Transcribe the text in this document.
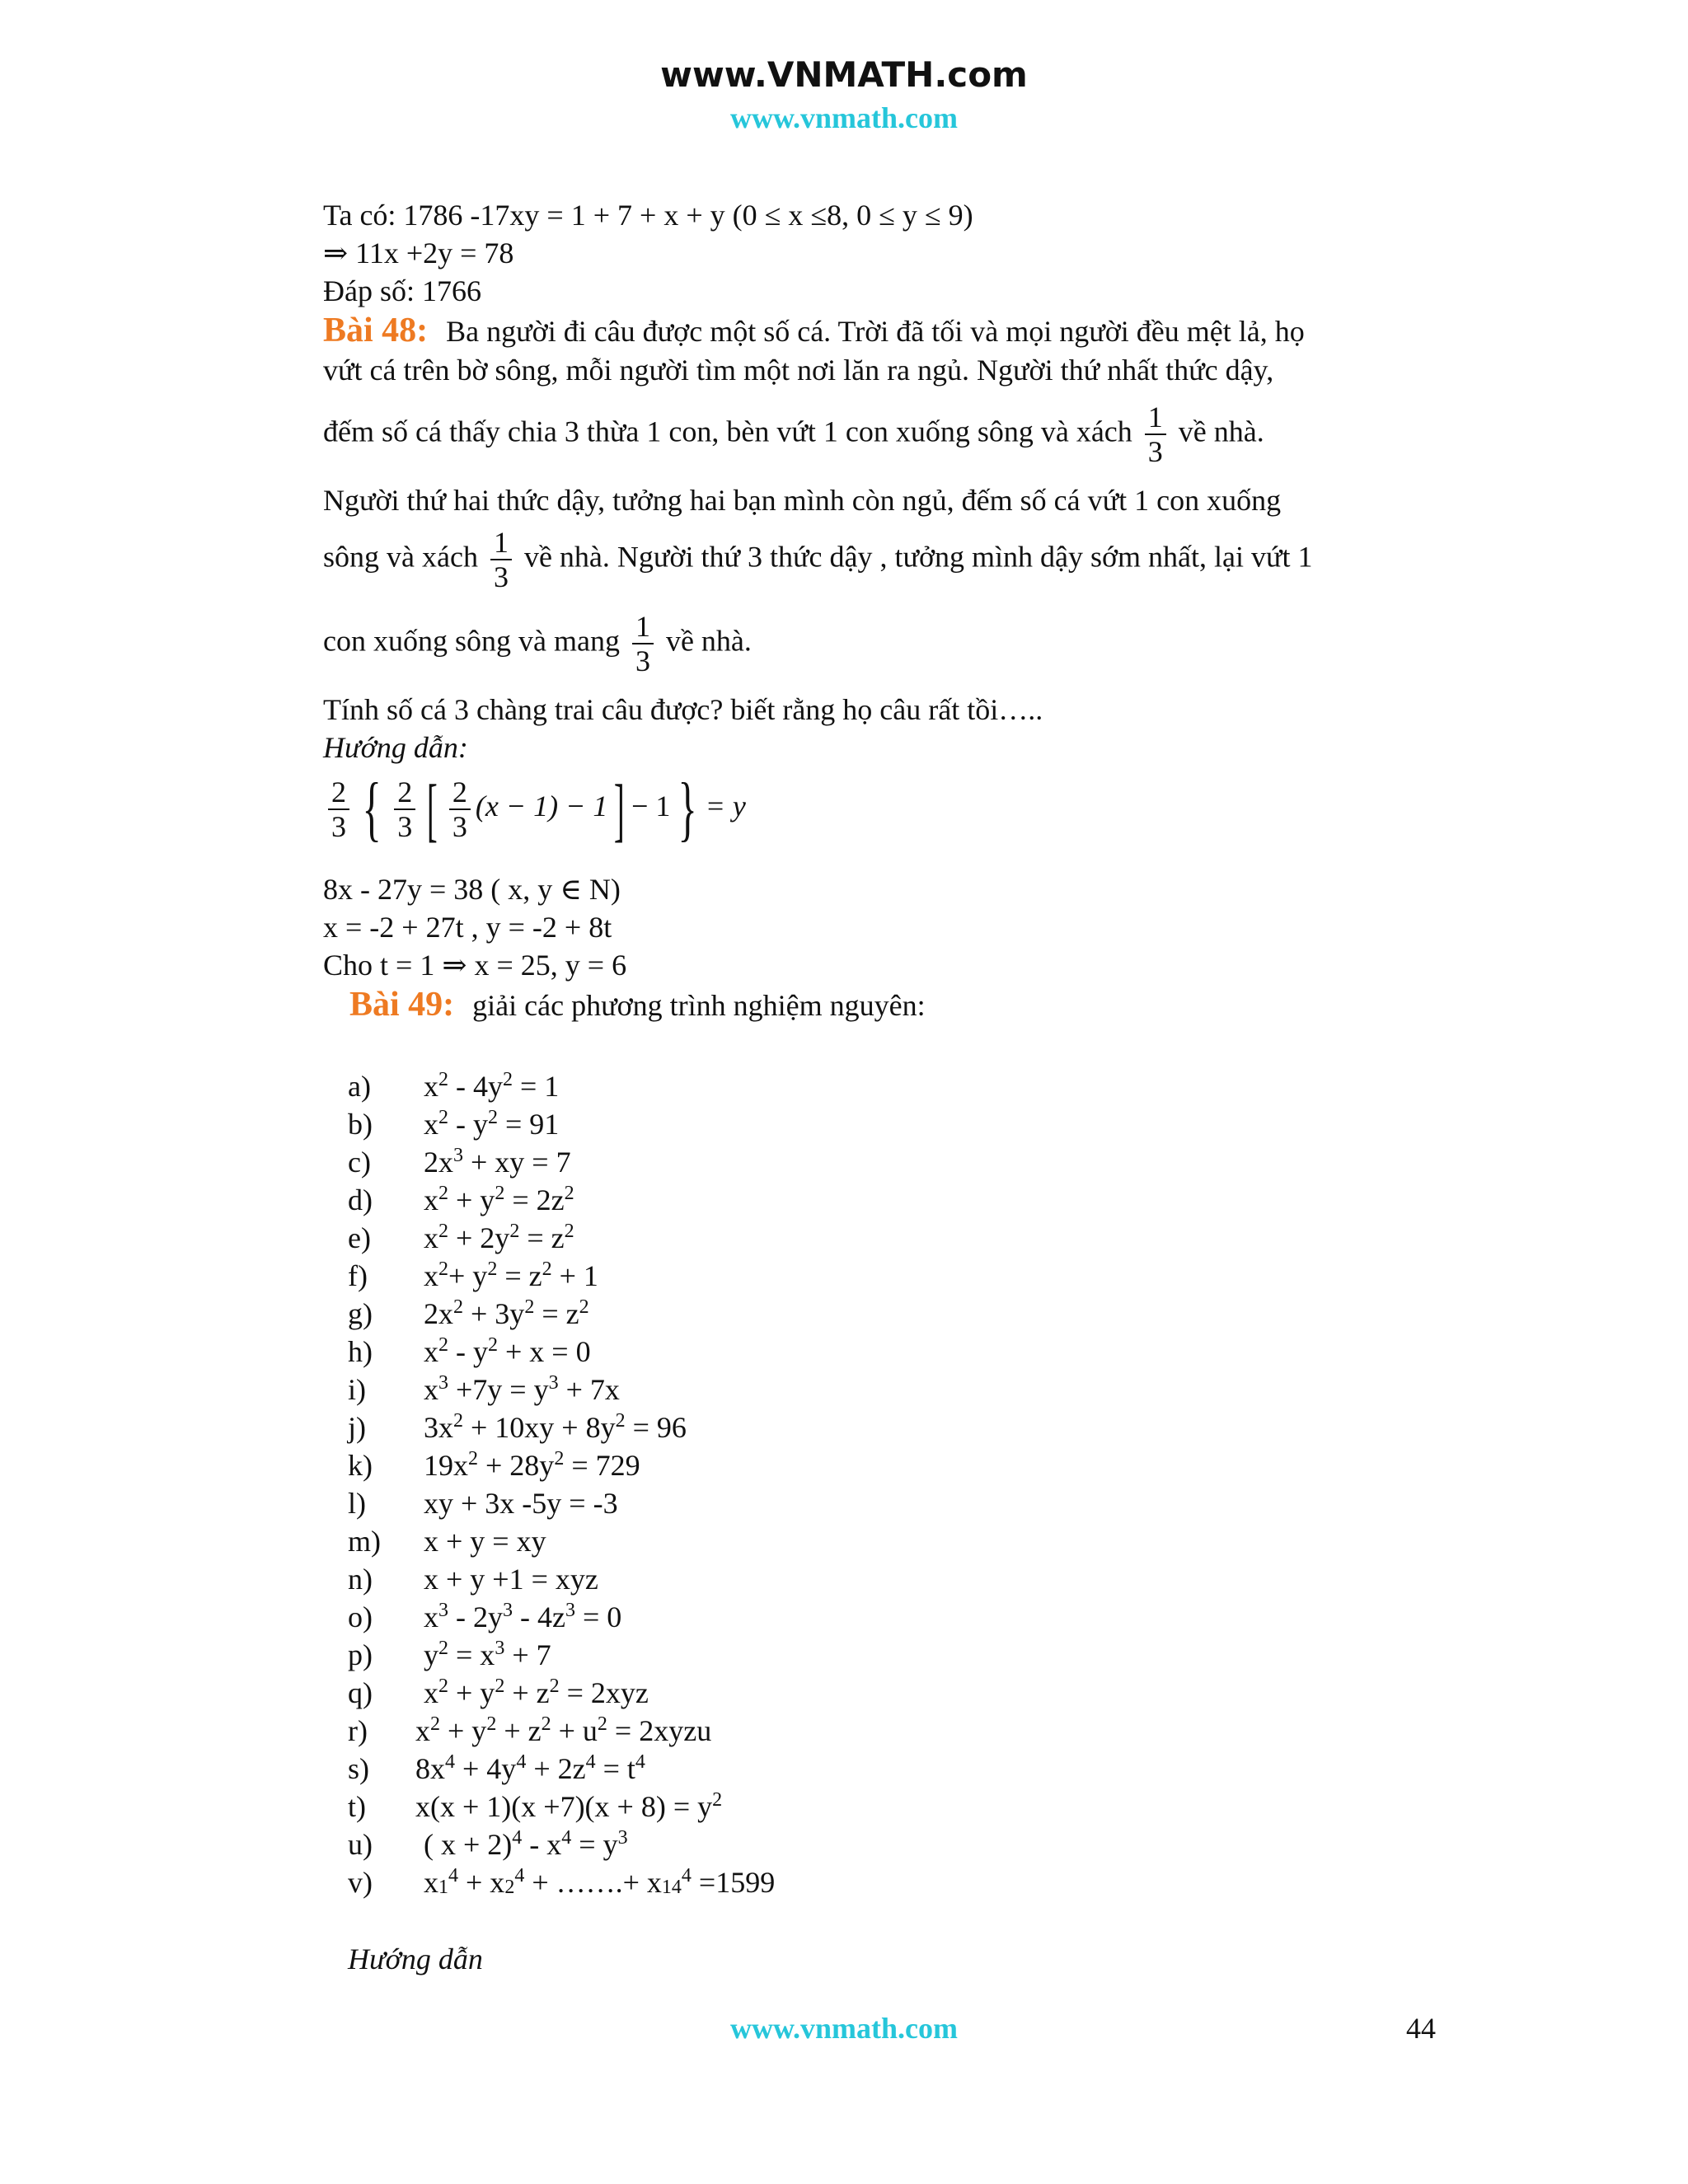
www.VNMATH.com
www.vnmath.com
Ta có: 1786 -17xy = 1 + 7 + x + y (0 ≤ x ≤8, 0 ≤ y ≤ 9)
⇒ 11x +2y = 78
Đáp số: 1766
Bài 48: Ba người đi câu được một số cá. Trời đã tối và mọi người đều mệt lả, họ
vứt cá trên bờ sông, mỗi người tìm một nơi lăn ra ngủ. Người thứ nhất thức dậy,
đếm số cá thấy chia 3 thừa 1 con, bèn vứt 1 con xuống sông và xách $\frac{1}{3}$ về nhà.
Người thứ hai thức dậy, tưởng hai bạn mình còn ngủ, đếm số cá vứt 1 con xuống
sông và xách $\frac{1}{3}$ về nhà. Người thứ 3 thức dậy , tưởng mình dậy sớm nhất, lại vứt 1
con xuống sông và mang $\frac{1}{3}$ về nhà.
Tính số cá 3 chàng trai câu được? biết rằng họ câu rất tồi…..
Hướng dẫn:
$\frac{2}{3}$ { $\frac{2}{3}$ [ $\frac{2}{3} (x - 1) - 1] - 1$ } = y
8x - 27y = 38 ( x, y ∈ N)
x = -2 + 27t , y = -2 + 8t
Cho t = 1 ⇒ x = 25, y = 6
Bài 49: giải các phương trình nghiệm nguyên:
a)	$x^2 - 4y^2 = 1$
b)	$x^2 - y^2 = 91$
c)	$2x^3$ + xy = 7
d)	$x^2 + y^2 = 2z^2$
e)	$x^2 + 2y^2 = z^2$
f)	$x^2+ y^2 = z^2 + 1$
g)	$2x^2 + 3y^2 = z^2$
h)	$x^2 - y^2 + x = 0$
i)	$x^3 +7y = y^3 + 7x$
j)	$3x^2 + 10xy + 8y^2 = 96$
k)	$19x^2 + 28y^2 = 729$
l)	xy + 3x -5y = -3
m)	x + y = xy
n)	x + y +1 = xyz
o)	$x^3 - 2y^3 - 4z^3 = 0$
p)	$y^2 = x^3 + 7$
q)	$x^2 + y^2 + z^2 = 2xyz$
r)	$x^2 + y^2 + z^2 + u^2$ = 2xyzu
s)	$8x^4 + 4y^4 + 2z^4 = t^4$
t)	$x(x + 1)(x +7)(x + 8) = y^2$
u)	( $x + 2)^4 - x^4 = y^3$
v)	$x1^4 + x2^4$ + …….+ $x14^4 =1599$
Hướng dẫn
www.vnmath.com	44
